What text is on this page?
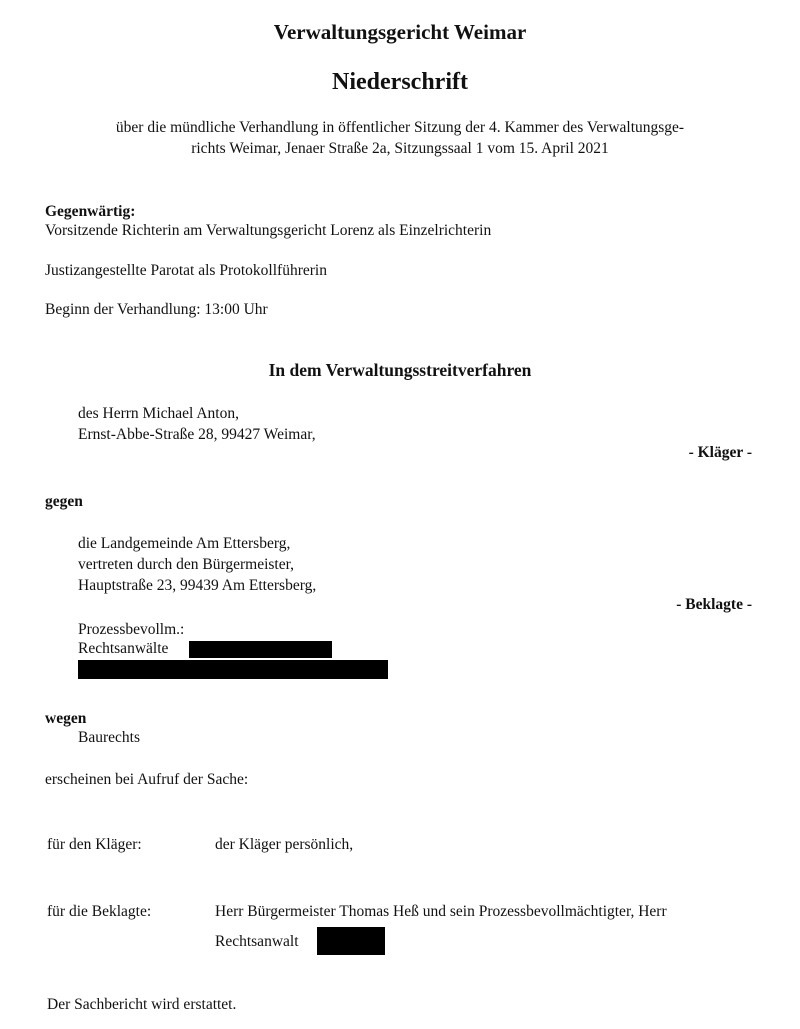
Verwaltungsgericht Weimar
Niederschrift
über die mündliche Verhandlung in öffentlicher Sitzung der 4. Kammer des Verwaltungsge-
richts Weimar, Jenaer Straße 2a, Sitzungssaal 1 vom 15. April 2021
Gegenwärtig:
Vorsitzende Richterin am Verwaltungsgericht Lorenz als Einzelrichterin
Justizangestellte Parotat als Protokollführerin
Beginn der Verhandlung: 13:00 Uhr
In dem Verwaltungsstreitverfahren
des Herrn Michael Anton,
Ernst-Abbe-Straße 28, 99427 Weimar,
- Kläger -
gegen
die Landgemeinde Am Ettersberg,
vertreten durch den Bürgermeister,
Hauptstraße 23, 99439 Am Ettersberg,
- Beklagte -
Prozessbevollm.:
Rechtsanwälte
wegen
Baurechts
erscheinen bei Aufruf der Sache:
für den Kläger:	der Kläger persönlich,
für die Beklagte:	Herr Bürgermeister Thomas Heß und sein Prozessbevollmächtigter, Herr
Rechtsanwalt
Der Sachbericht wird erstattet.
